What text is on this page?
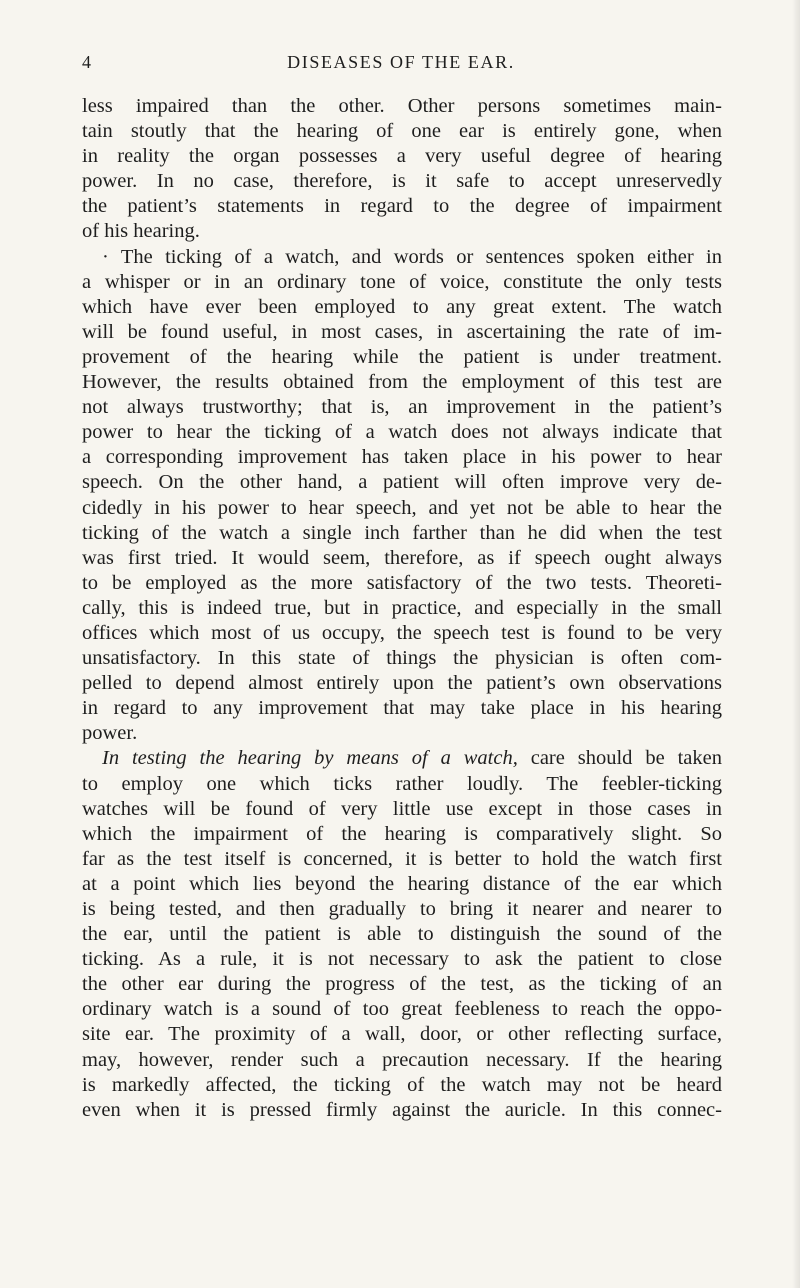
4	DISEASES OF THE EAR.
less impaired than the other. Other persons sometimes main-
tain stoutly that the hearing of one ear is entirely gone, when
in reality the organ possesses a very useful degree of hearing
power. In no case, therefore, is it safe to accept unreservedly
the patient’s statements in regard to the degree of impairment
of his hearing.
· The ticking of a watch, and words or sentences spoken either in
a whisper or in an ordinary tone of voice, constitute the only tests
which have ever been employed to any great extent. The watch
will be found useful, in most cases, in ascertaining the rate of im-
provement of the hearing while the patient is under treatment.
However, the results obtained from the employment of this test are
not always trustworthy; that is, an improvement in the patient’s
power to hear the ticking of a watch does not always indicate that
a corresponding improvement has taken place in his power to hear
speech. On the other hand, a patient will often improve very de-
cidedly in his power to hear speech, and yet not be able to hear the
ticking of the watch a single inch farther than he did when the test
was first tried. It would seem, therefore, as if speech ought always
to be employed as the more satisfactory of the two tests. Theoreti-
cally, this is indeed true, but in practice, and especially in the small
offices which most of us occupy, the speech test is found to be very
unsatisfactory. In this state of things the physician is often com-
pelled to depend almost entirely upon the patient’s own observations
in regard to any improvement that may take place in his hearing
power.
In testing the hearing by means of a watch, care should be taken
to employ one which ticks rather loudly. The feebler-ticking
watches will be found of very little use except in those cases in
which the impairment of the hearing is comparatively slight. So
far as the test itself is concerned, it is better to hold the watch first
at a point which lies beyond the hearing distance of the ear which
is being tested, and then gradually to bring it nearer and nearer to
the ear, until the patient is able to distinguish the sound of the
ticking. As a rule, it is not necessary to ask the patient to close
the other ear during the progress of the test, as the ticking of an
ordinary watch is a sound of too great feebleness to reach the oppo-
site ear. The proximity of a wall, door, or other reflecting surface,
may, however, render such a precaution necessary. If the hearing
is markedly affected, the ticking of the watch may not be heard
even when it is pressed firmly against the auricle. In this connec-
